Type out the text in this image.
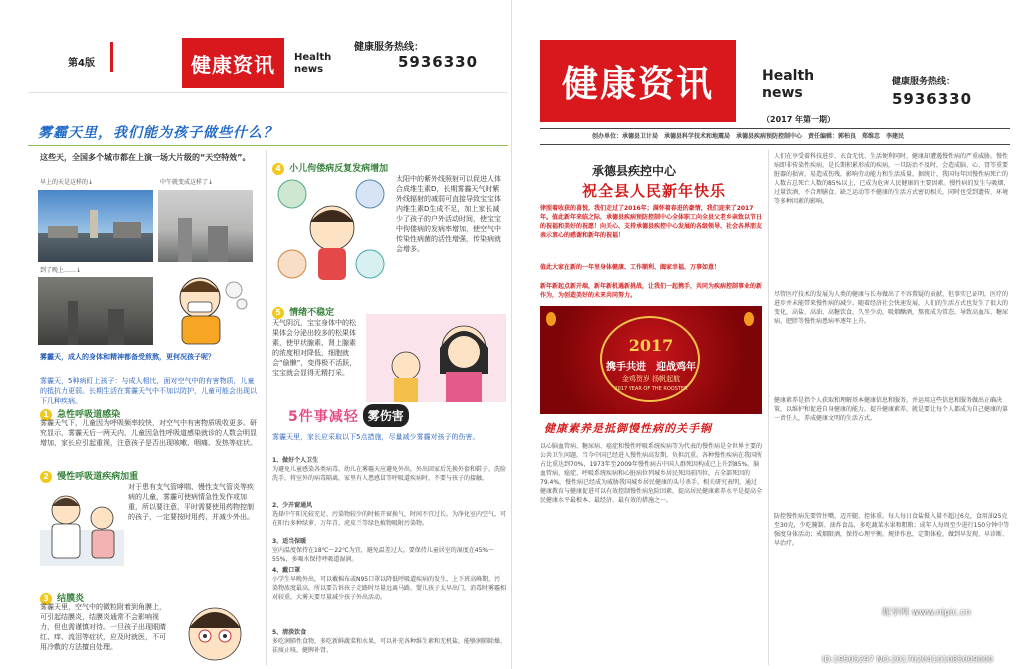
第4版	健康资讯	Health
news
健康服务热线：
5936330
雾霾天里，我们能为孩子做些什么？
这些天，全国多个城市都在上演一场大片级的“天空特效”。
早上的天是这样的↓	中午就变成这样了↓
到了晚上……↓
雾霾天，成人的身体和精神都备受煎熬，更何况孩子呢？
雾霾天，5种病盯上孩子：与成人相比，面对空气中的有害物质，儿童的抵抗力更弱。长期生活在雾霾天气中不加以防护，儿童可能会出现以下几种疾病。
1 急性呼吸道感染
雾霾天气下，儿童因为呼吸频率较快，对空气中有害物质吸收更多。研究显示，雾霾天后一两天内，儿童因急性呼吸道感染就诊的人数会明显增加，家长应引起重视，注意孩子是否出现咳嗽、咽痛、发热等症状。
2 慢性呼吸道疾病加重
对于患有支气管哮喘、慢性支气管炎等疾病的儿童，雾霾可使病情急性发作或加重，所以要注意，平时需要使用药物控制的孩子，一定要按时用药，并减少外出。
3 结膜炎
雾霾天里，空气中的微粒附着到角膜上，可引起结膜炎，结膜炎通常不会影响视力，但也需谨慎对待。一旦孩子出现眼睛红、痒、流泪等症状，应及时就医，不可用冷敷的方法擅自处理。
4 小儿佝偻病反复发病增加
太阳中的紫外线照射可以促进人体合成维生素D，长期雾霾天气时紫外线辐射的减弱可直接导致宝宝体内维生素D生成不足，加上家长减少了孩子的户外活动时间，使宝宝中佝偻病的发病率增加，使空气中传染性病菌的活性增强，传染病就会增多。
5 情绪不稳定
天气阴沉，宝宝身体中的松果体会分泌出较多的松果体素，使甲状腺素、肾上腺素的浓度相对降低，细胞就会“偷懒”，变得极不活跃，宝宝就会显得无精打采。
5件事减轻 雾伤害
雾霾天里，家长应采取以下5点措施，尽量减少雾霾对孩子的伤害。
1、做好个人卫生
为避免儿童感染各类病毒，幼儿在雾霾天应避免外出，外出回家后先换外套和鞋子，洗脸洗手，将室外的病毒隔离，家里有人患感冒等呼吸道疾病时，不要与孩子的接触。
2、少开窗通风
选择中午阳光较充足、污染物较少的时候开窗换气，时间不宜过长。为净化室内空气，可在阳台多种绿萝、万年青、虎皮兰等绿色植物吸附污染物。
3、适当保暖
室内温度保持在18℃～22℃为宜，避免温差过大。要保持儿童居室的湿度在45%～55%，多喝水保持呼吸道湿润。
4、戴口罩
小学生早晚外出，可以戴棉布或N95口罩以降低呼吸道疾病的发生，上下班高峰期，污染物浓度最高，所以要告诉孩子走路时尽量远离马路。婴儿孩子太早出门，消毒时雾霾相对较重，大雾天要尽量减少孩子外出活动。
5、清淡饮食
多吃润肺性食物，多吃新鲜蔬菜和水果，可以补充各种维生素和无机盐，能够润肺除燥、祛痰止咳，健脾补肾。
健康资讯	Health
news
健康服务热线：
5936330
（2017 年第一期）
创办单位：承德县卫计局　承德县科学技术和地震局　承德县疾病预防控制中心　责任编辑：郭柏良　郑维忠　李建民
承德县疾控中心
祝全县人民新年快乐
律照着收获的喜悦，我们走过了2016年；满怀着春进的豪情，我们迎来了2017年。值此新年来临之际，承德县疾病预防控制中心全体职工向全县父老乡亲致以节日的祝福和美好的祝愿！向关心、支持承德县疾控中心发展的各级领导、社会各界朋友表示衷心的感谢和新年的祝福！
值此大家在新的一年里身体健康、工作顺利、阖家幸福、万事如意！
新年新起点新开端，新年新机遇新挑战，让我们一起携手，共同为疾病控制事业的新作为，为创造美好的未来共同努力。
2017
携手共进　迎战鸡年
金鸡贺岁 扬帆起航
2017 YEAR OF THE ROOSTER
健康素养是抵御慢性病的关手锏
以心脑血管病、糖尿病、癌症和慢性呼吸系统疾病等为代表的慢性病是全世界主要的公共卫生问题。当今中国已经进入慢性病高发期，负担沉重。各种慢性疾病在我国所占比重达到70%，1973年至2009年慢性病占中国人群死因构成已上升到85%。脑血管病、癌症、呼吸系统疾病和心脏病位列城乡居民死因前四位，占全部死因的79.4%，慢性病已经成为威胁我国城乡居民健康的头号杀手。相关研究表明，通过健康教育与健康促进可以有效控制慢性病危险因素，提高居民健康素养水平是提高全民健康水平最根本、最经济、最有效的措施之一。
人们在享受着科技进步、衣食无忧、生活便利同时，健康却遭遇慢性病的严重威胁。慢性病即非传染性疾病，是长期积累形成的疾病，一旦防治不及时，会造成脑、心、肾等重要脏器的损害，易造成伤残，影响劳动能力和生活质量。据统计，我国每年因慢性病死亡的人数占总死亡人数的85%以上，已成为危害人民健康的主要因素。慢性病的发生与吸烟、过量饮酒、不合理膳食、缺乏运动等不健康的生活方式密切相关，同时也受到遗传、环境等多种因素的影响。
尽管医疗技术的发展为人类的健康与长寿做出了不容置疑的贡献，但事实已证明，医疗的进步并未能带来慢性病的减少。随着经济社会快速发展，人们的生活方式也发生了很大的变化，高盐、高油、高糖饮食，久坐少动，吸烟酗酒，熬夜成为常态，导致高血压、糖尿病、肥胖等慢性病患病率逐年上升。
健康素养是指个人获取和理解基本健康信息和服务，并运用这些信息和服务做出正确决策，以维护和促进自身健康的能力。提升健康素养，就是要让每个人都成为自己健康的第一责任人，养成健康文明的生活方式。
防控慢性病先要管住嘴、迈开腿、控体重。每人每日食盐摄入量不超过6克，食用油25克至30克，少吃腌制、油炸食品，多吃蔬菜水果和粗粮；成年人每周至少进行150分钟中等强度身体活动；戒烟限酒，保持心理平衡，规律作息，定期体检，做到早发现、早诊断、早治疗。
ID:19505297 NO:20170204101085009000
昵享网 www.nipic.cn
